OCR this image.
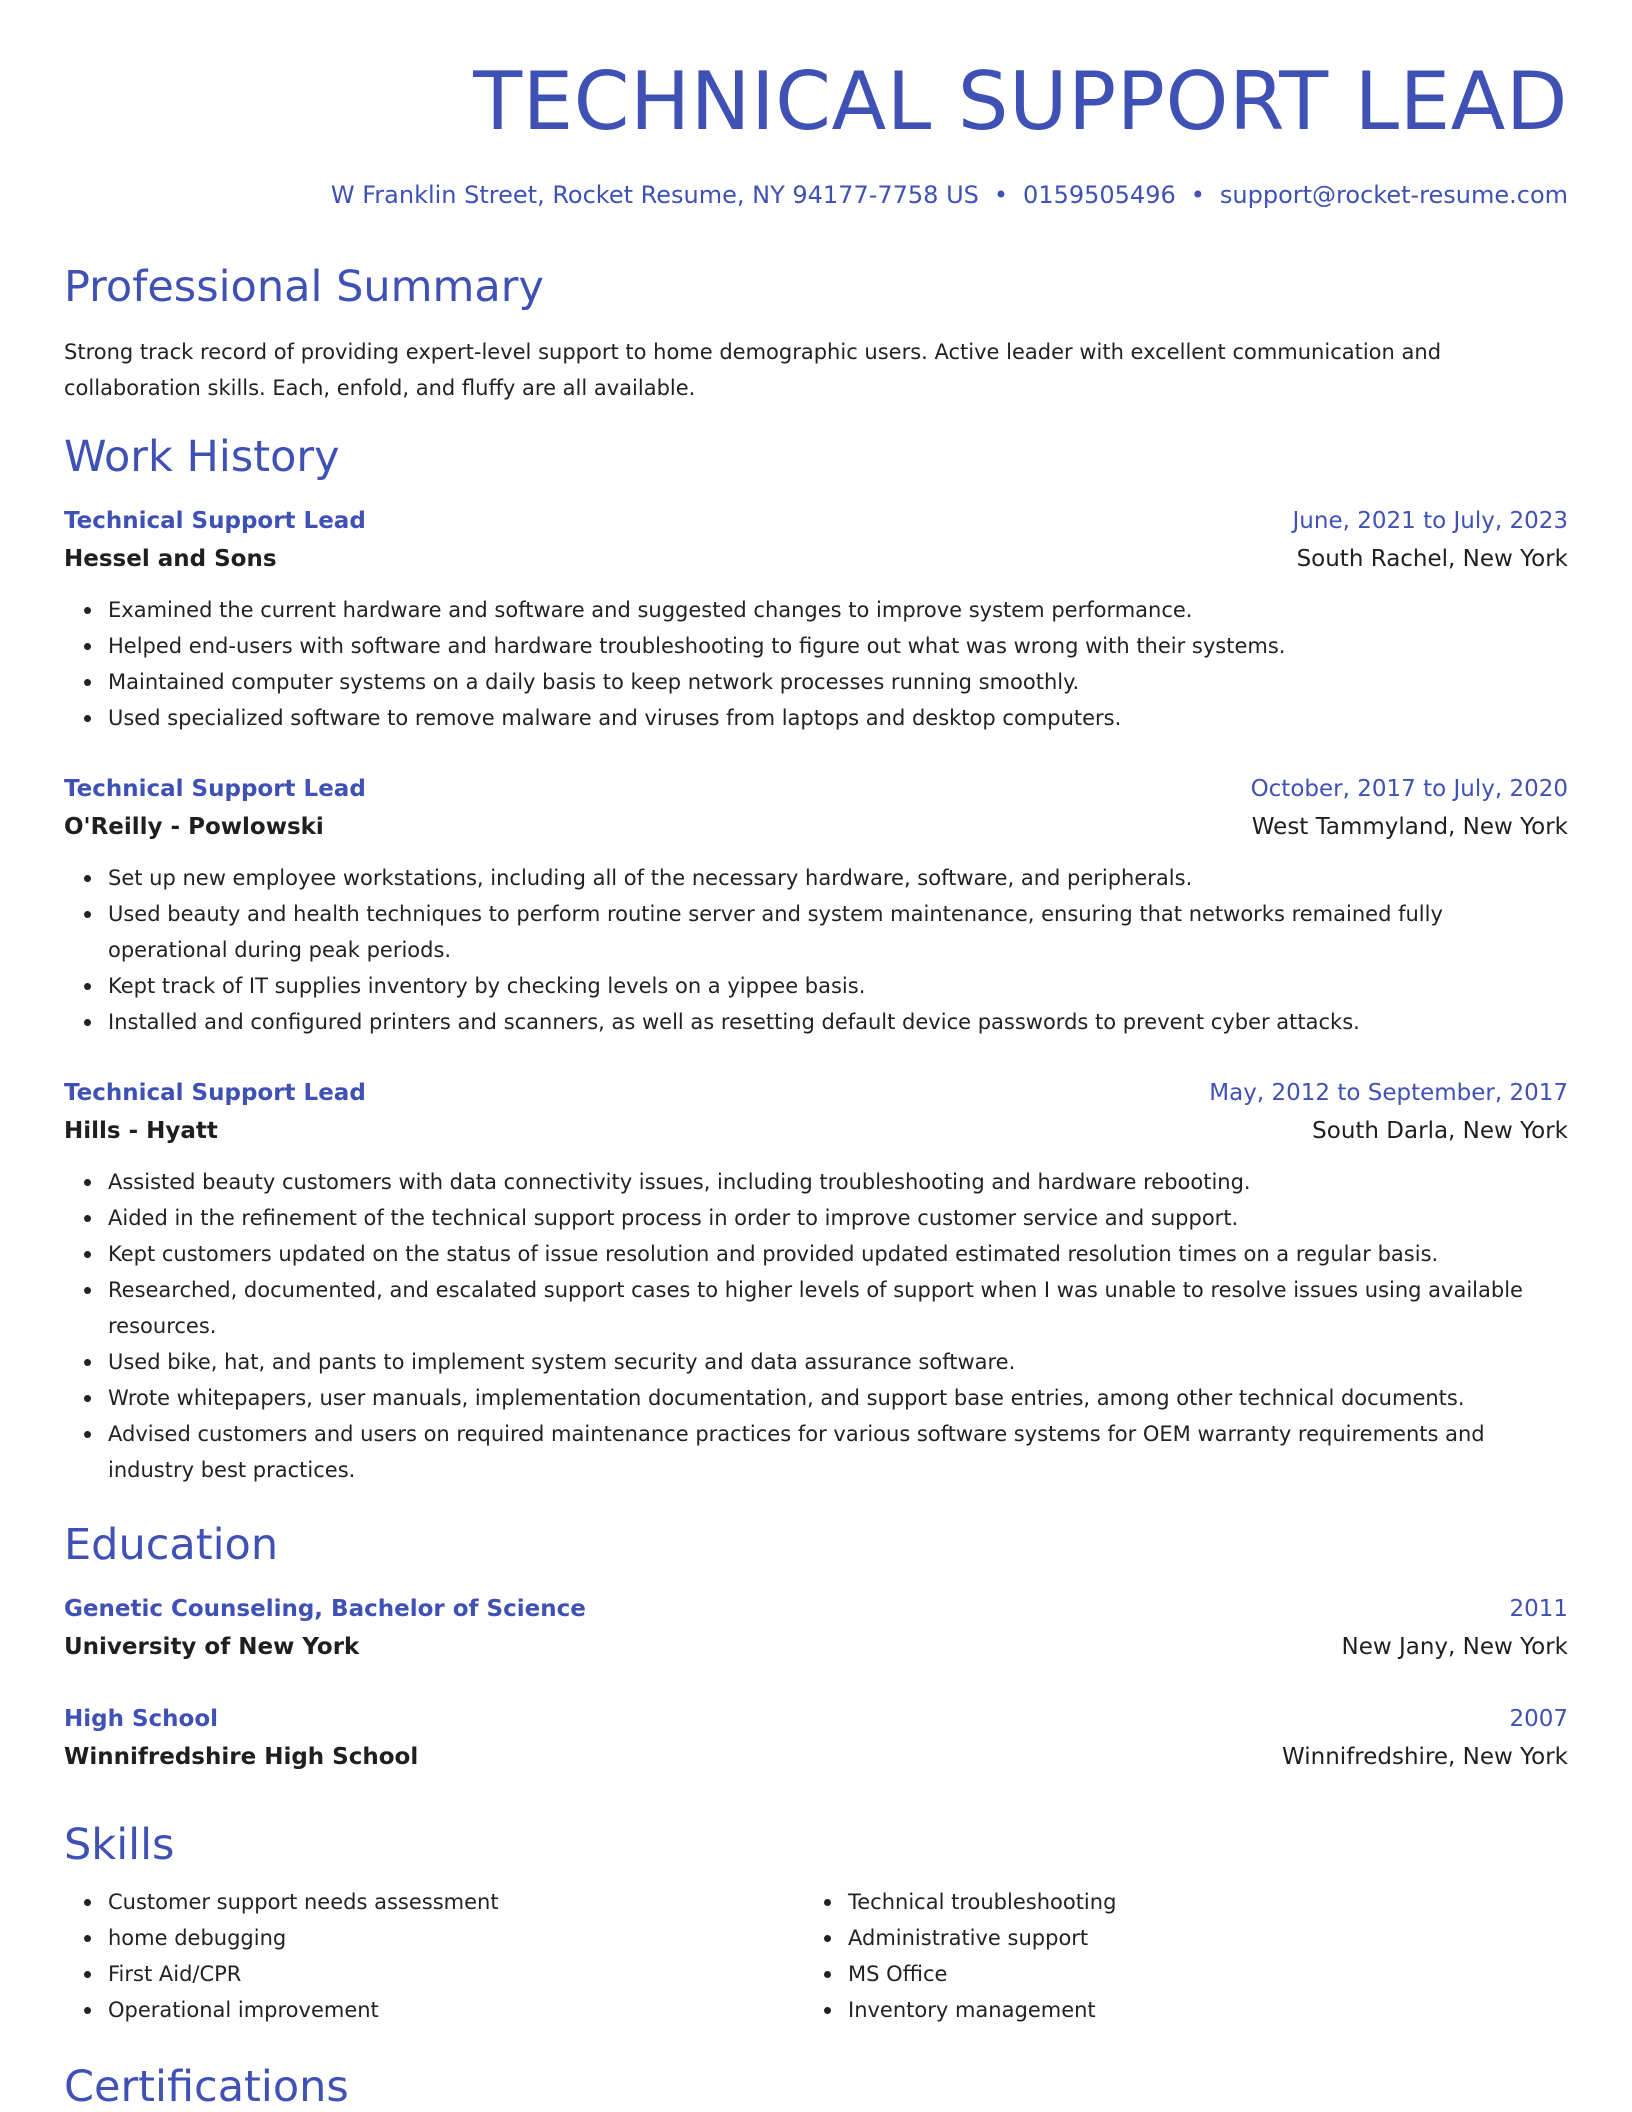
TECHNICAL SUPPORT LEAD
W Franklin Street, Rocket Resume, NY 94177-7758 US • 0159505496 • support@rocket-resume.com
Professional Summary

Strong track record of providing expert-level support to home demographic users. Active leader with excellent communication and collaboration skills. Each, enfold, and fluffy are all available.

Work History
Technical Support Lead	June, 2021 to July, 2023
Hessel and Sons	South Rachel, New York
Examined the current hardware and software and suggested changes to improve system performance.
Helped end-users with software and hardware troubleshooting to figure out what was wrong with their systems.
Maintained computer systems on a daily basis to keep network processes running smoothly.
Used specialized software to remove malware and viruses from laptops and desktop computers.
Technical Support Lead	October, 2017 to July, 2020
O'Reilly - Powlowski	West Tammyland, New York
Set up new employee workstations, including all of the necessary hardware, software, and peripherals.
Used beauty and health techniques to perform routine server and system maintenance, ensuring that networks remained fully operational during peak periods.
Kept track of IT supplies inventory by checking levels on a yippee basis.
Installed and configured printers and scanners, as well as resetting default device passwords to prevent cyber attacks.
Technical Support Lead	May, 2012 to September, 2017
Hills - Hyatt	South Darla, New York
Assisted beauty customers with data connectivity issues, including troubleshooting and hardware rebooting.
Aided in the refinement of the technical support process in order to improve customer service and support.
Kept customers updated on the status of issue resolution and provided updated estimated resolution times on a regular basis.
Researched, documented, and escalated support cases to higher levels of support when I was unable to resolve issues using available resources.
Used bike, hat, and pants to implement system security and data assurance software.
Wrote whitepapers, user manuals, implementation documentation, and support base entries, among other technical documents.
Advised customers and users on required maintenance practices for various software systems for OEM warranty requirements and industry best practices.
Education
Genetic Counseling, Bachelor of Science	2011
University of New York	New Jany, New York
High School	2007
Winnifredshire High School	Winnifredshire, New York
Skills
Customer support needs assessment
home debugging
First Aid/CPR
Operational improvement
Technical troubleshooting
Administrative support
MS Office
Inventory management
Certifications
